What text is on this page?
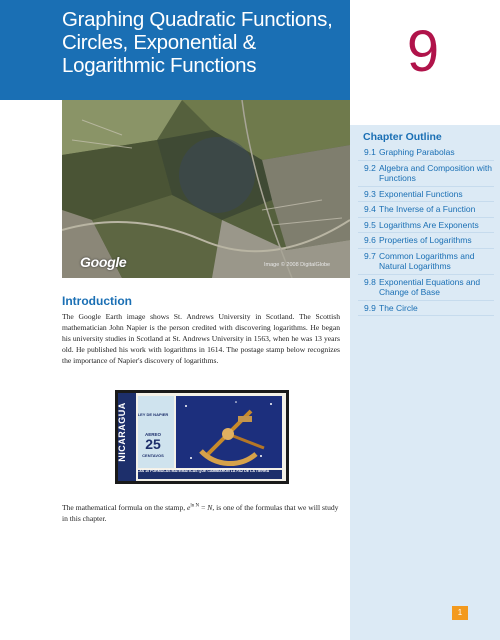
Graphing Quadratic Functions, Circles, Exponential & Logarithmic Functions	9
Chapter Outline
9.1 Graphing Parabolas
9.2 Algebra and Composition with Functions
9.3 Exponential Functions
9.4 The Inverse of a Function
9.5 Logarithms Are Exponents
9.6 Properties of Logarithms
9.7 Common Logarithms and Natural Logarithms
9.8 Exponential Equations and Change of Base
9.9 The Circle
Google	Image © 2008 DigitalGlobe
Introduction
The Google Earth image shows St. Andrews University in Scotland. The Scottish mathematician John Napier is the person credited with discovering logarithms. He began his university studies in Scotland at St. Andrews University in 1563, when he was 13 years old. He published his work with logarithms in 1614. The postage stamp below recognizes the importance of Napier's discovery of logarithms.
NICARAGUA	LEY DE NAPIER
AEREO
25
CENTAVOS
LAS 10 FORMULAS MATEMATICAS QUE CAMBIARON LA FAZ DE LA TIERRA
The mathematical formula on the stamp, $e^{ln N} = N$, is one of the formulas that we will study in this chapter.
1
